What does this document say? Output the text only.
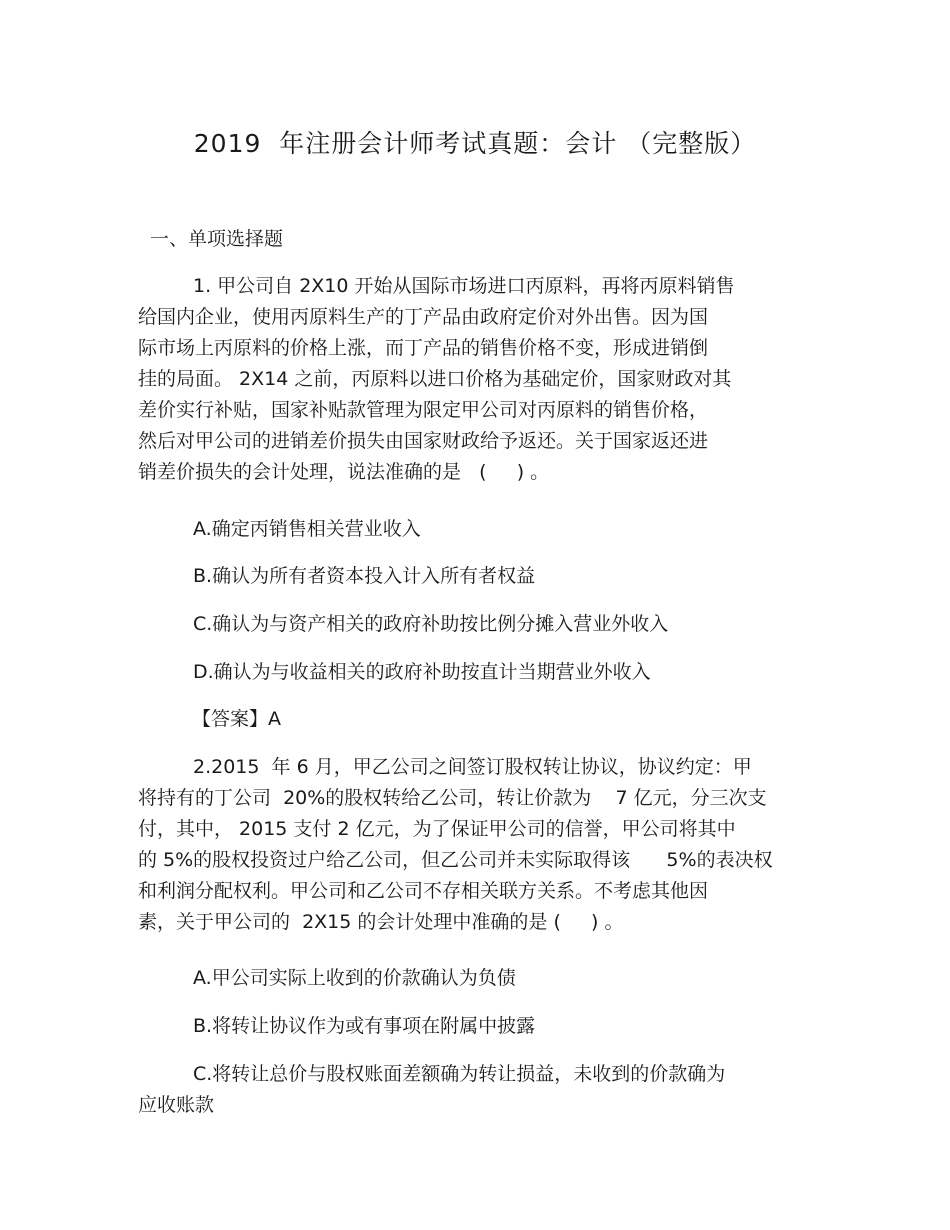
2019  年注册会计师考试真题：会计 （完整版）
一、单项选择题
1. 甲公司自 2X10 开始从国际市场进口丙原料，再将丙原料销售
给国内企业，使用丙原料生产的丁产品由政府定价对外出售。因为国
际市场上丙原料的价格上涨，而丁产品的销售价格不变，形成进销倒
挂的局面。 2X14 之前，丙原料以进口价格为基础定价，国家财政对其
差价实行补贴，国家补贴款管理为限定甲公司对丙原料的销售价格，
然后对甲公司的进销差价损失由国家财政给予返还。关于国家返还进
销差价损失的会计处理，说法准确的是   (     ) 。
A.确定丙销售相关营业收入
B.确认为所有者资本投入计入所有者权益
C.确认为与资产相关的政府补助按比例分摊入营业外收入
D.确认为与收益相关的政府补助按直计当期营业外收入
【答案】A
2.2015  年 6 月，甲乙公司之间签订股权转让协议，协议约定：甲
将持有的丁公司  20%的股权转给乙公司，转让价款为    7 亿元，分三次支
付，其中， 2015 支付 2 亿元，为了保证甲公司的信誉，甲公司将其中
的 5%的股权投资过户给乙公司，但乙公司并未实际取得该      5%的表决权
和利润分配权利。甲公司和乙公司不存相关联方关系。不考虑其他因
素，关于甲公司的  2X15 的会计处理中准确的是 (     ) 。
A.甲公司实际上收到的价款确认为负债
B.将转让协议作为或有事项在附属中披露
C.将转让总价与股权账面差额确为转让损益，未收到的价款确为
应收账款
